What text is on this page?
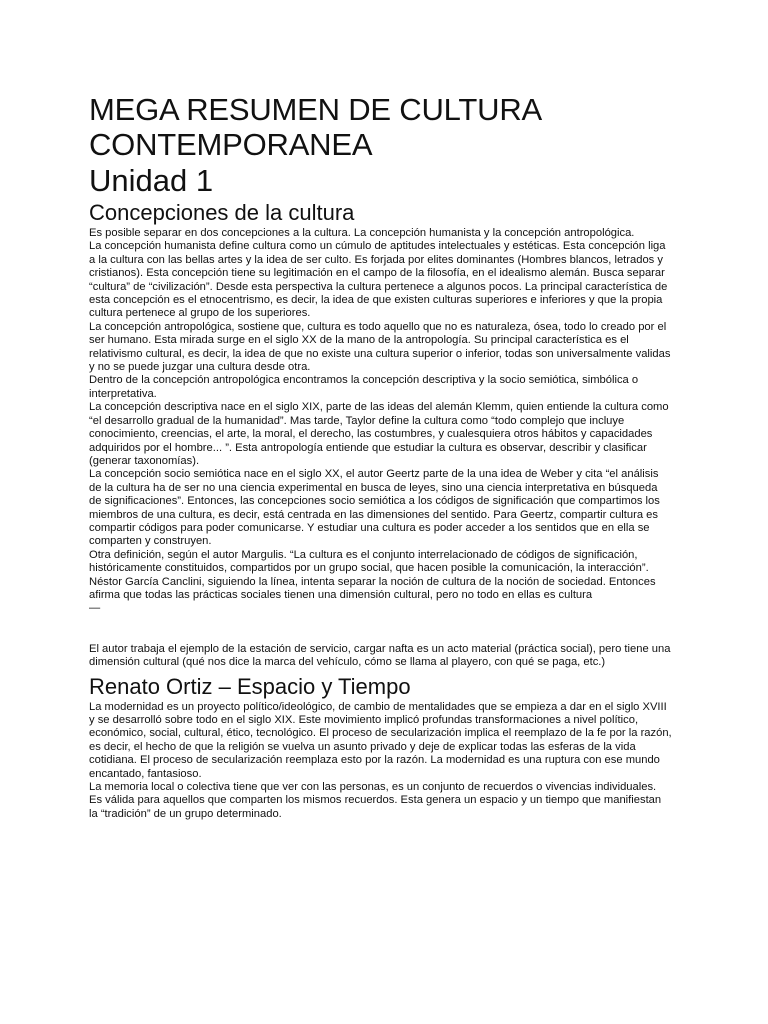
MEGA RESUMEN DE CULTURA
CONTEMPORANEA
Unidad 1
Concepciones de la cultura

Es posible separar en dos concepciones a la cultura. La concepción humanista y la concepción antropológica.

La concepción humanista define cultura como un cúmulo de aptitudes intelectuales y estéticas. Esta concepción liga a la cultura con las bellas artes y la idea de ser culto. Es forjada por elites dominantes (Hombres blancos, letrados y cristianos). Esta concepción tiene su legitimación en el campo de la filosofía, en el idealismo alemán. Busca separar “cultura” de “civilización”. Desde esta perspectiva la cultura pertenece a algunos pocos. La principal característica de esta concepción es el etnocentrismo, es decir, la idea de que existen culturas superiores e inferiores y que la propia cultura pertenece al grupo de los superiores.

La concepción antropológica, sostiene que, cultura es todo aquello que no es naturaleza, ósea, todo lo creado por el ser humano. Esta mirada surge en el siglo XX de la mano de la antropología. Su principal característica es el relativismo cultural, es decir, la idea de que no existe una cultura superior o inferior, todas son universalmente validas y no se puede juzgar una cultura desde otra.

Dentro de la concepción antropológica encontramos la concepción descriptiva y la socio semiótica, simbólica o interpretativa.

La concepción descriptiva nace en el siglo XIX, parte de las ideas del alemán Klemm, quien entiende la cultura como “el desarrollo gradual de la humanidad”. Mas tarde, Taylor define la cultura como “todo complejo que incluye conocimiento, creencias, el arte, la moral, el derecho, las costumbres, y cualesquiera otros hábitos y capacidades adquiridos por el hombre... ”. Esta antropología entiende que estudiar la cultura es observar, describir y clasificar (generar taxonomías).

La concepción socio semiótica nace en el siglo XX, el autor Geertz parte de la una idea de Weber y cita “el análisis de la cultura ha de ser no una ciencia experimental en busca de leyes, sino una ciencia interpretativa en búsqueda de significaciones”. Entonces, las concepciones socio semiótica a los códigos de significación que compartimos los miembros de una cultura, es decir, está centrada en las dimensiones del sentido. Para Geertz, compartir cultura es compartir códigos para poder comunicarse. Y estudiar una cultura es poder acceder a los sentidos que en ella se comparten y construyen.

Otra definición, según el autor Margulis. “La cultura es el conjunto interrelacionado de códigos de significación, históricamente constituidos, compartidos por un grupo social, que hacen posible la comunicación, la interacción”.

Néstor García Canclini, siguiendo la línea, intenta separar la noción de cultura de la noción de sociedad. Entonces afirma que todas las prácticas sociales tienen una dimensión cultural, pero no todo en ellas es cultura

—

El autor trabaja el ejemplo de la estación de servicio, cargar nafta es un acto material (práctica social), pero tiene una dimensión cultural (qué nos dice la marca del vehículo, cómo se llama al playero, con qué se paga, etc.)

Renato Ortiz – Espacio y Tiempo

La modernidad es un proyecto político/ideológico, de cambio de mentalidades que se empieza a dar en el siglo XVIII y se desarrolló sobre todo en el siglo XIX. Este movimiento implicó profundas transformaciones a nivel político, económico, social, cultural, ético, tecnológico. El proceso de secularización implica el reemplazo de la fe por la razón, es decir, el hecho de que la religión se vuelva un asunto privado y deje de explicar todas las esferas de la vida cotidiana. El proceso de secularización reemplaza esto por la razón. La modernidad es una ruptura con ese mundo encantado, fantasioso.

La memoria local o colectiva tiene que ver con las personas, es un conjunto de recuerdos o vivencias individuales. Es válida para aquellos que comparten los mismos recuerdos. Esta genera un espacio y un tiempo que manifiestan la “tradición” de un grupo determinado.
